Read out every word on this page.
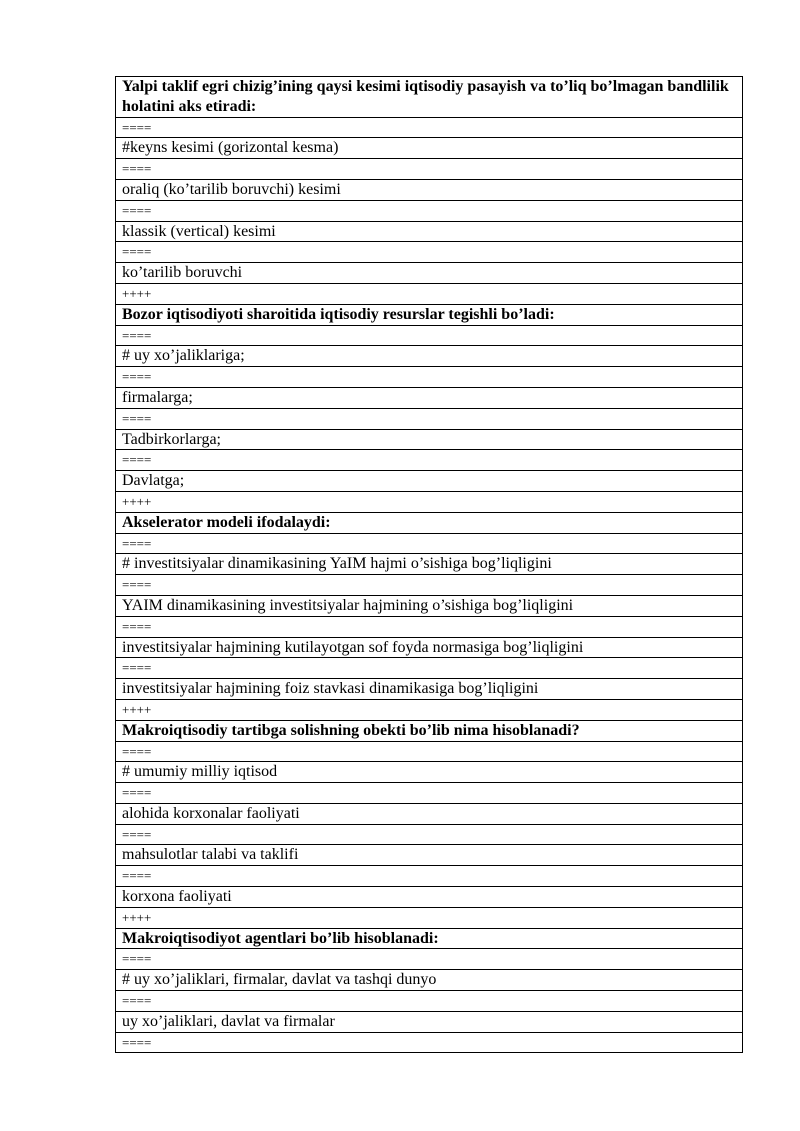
Yalpi taklif egri chizig’ining qaysi kesimi iqtisodiy pasayish va to’liq bo’lmagan bandlilik holatini aks etiradi:
====
#keyns kesimi (gorizontal kesma)
====
oraliq (ko’tarilib boruvchi) kesimi
====
klassik (vertical) kesimi
====
ko’tarilib boruvchi
++++
Bozor iqtisodiyoti sharoitida iqtisodiy resurslar tegishli bo’ladi:
====
# uy xo’jaliklariga;
====
firmalarga;
====
Tadbirkorlarga;
====
Davlatga;
++++
Akselerator modeli ifodalaydi:
====
# investitsiyalar dinamikasining YaIM hajmi o’sishiga bog’liqligini
====
YAIM dinamikasining investitsiyalar hajmining o’sishiga bog’liqligini
====
investitsiyalar hajmining kutilayotgan sof foyda normasiga bog’liqligini
====
investitsiyalar hajmining foiz stavkasi dinamikasiga bog’liqligini
++++
Makroiqtisodiy tartibga solishning obekti bo’lib nima hisoblanadi?
====
# umumiy milliy iqtisod
====
alohida korxonalar faoliyati
====
mahsulotlar talabi va taklifi
====
korxona faoliyati
++++
Makroiqtisodiyot agentlari bo’lib hisoblanadi:
====
# uy xo’jaliklari, firmalar, davlat va tashqi dunyo
====
uy xo’jaliklari, davlat va firmalar
====
